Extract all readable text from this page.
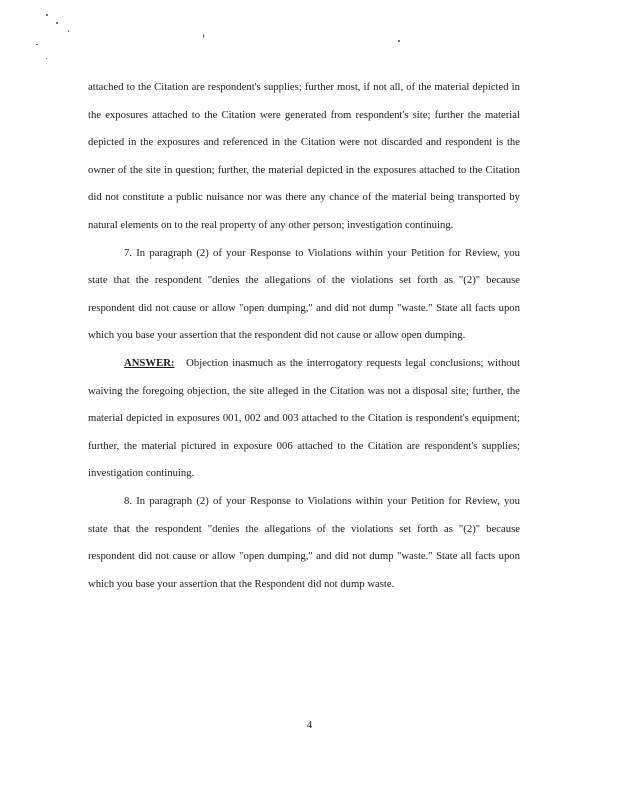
attached to the Citation are respondent's supplies; further most, if not all, of the material depicted in the exposures attached to the Citation were generated from respondent's site; further the material depicted in the exposures and referenced in the Citation were not discarded and respondent is the owner of the site in question; further, the material depicted in the exposures attached to the Citation did not constitute a public nuisance nor was there any chance of the material being transported by natural elements on to the real property of any other person; investigation continuing.

7. In paragraph (2) of your Response to Violations within your Petition for Review, you state that the respondent "denies the allegations of the violations set forth as "(2)" because respondent did not cause or allow "open dumping," and did not dump "waste." State all facts upon which you base your assertion that the respondent did not cause or allow open dumping.

ANSWER: Objection inasmuch as the interrogatory requests legal conclusions; without waiving the foregoing objection, the site alleged in the Citation was not a disposal site; further, the material depicted in exposures 001, 002 and 003 attached to the Citation is respondent's equipment; further, the material pictured in exposure 006 attached to the Citation are respondent's supplies; investigation continuing.

8. In paragraph (2) of your Response to Violations within your Petition for Review, you state that the respondent "denies the allegations of the violations set forth as "(2)" because respondent did not cause or allow "open dumping," and did not dump "waste." State all facts upon which you base your assertion that the Respondent did not dump waste.

4
